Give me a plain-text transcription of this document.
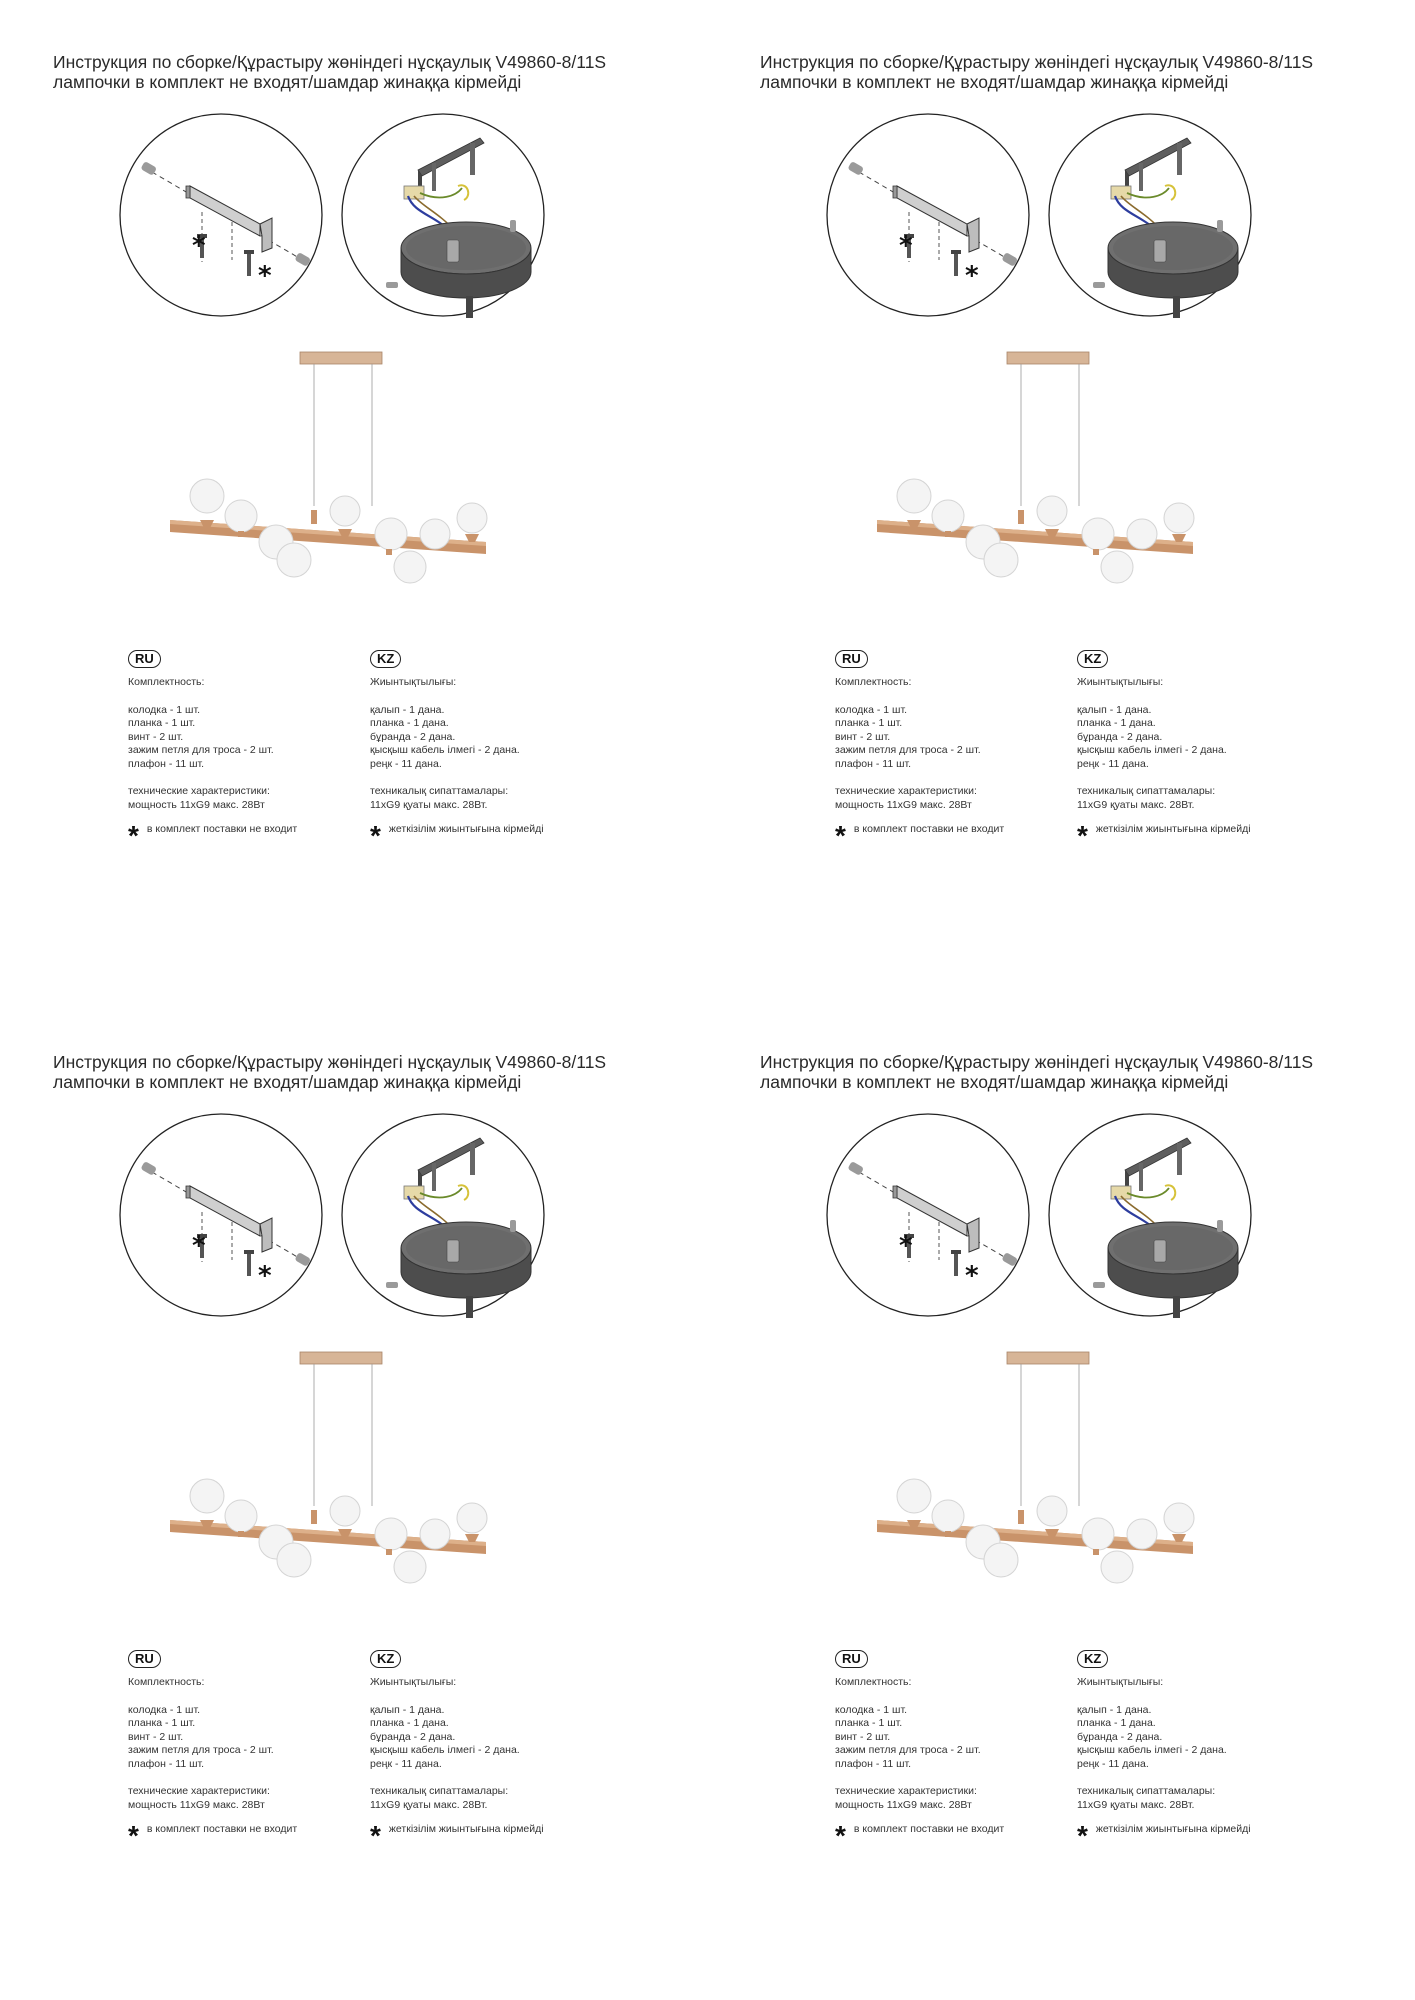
Инструкция по сборке/Құрастыру жөніндегі нұсқаулық V49860-8/11S
лампочки в комплект не входят/шамдар жинаққа кірмейді
*
*
RU
Комплектность:
колодка - 1 шт.
планка - 1 шт.
винт - 2 шт.
зажим петля для троса - 2 шт.
плафон - 11 шт.
технические характеристики:
мощность 11xG9 макс. 28Вт
* в комплект поставки не входит
KZ
Жиынтықтылығы:
қалып - 1 дана.
планка - 1 дана.
бұранда - 2 дана.
қысқыш кабель ілмегі - 2 дана.
реңк - 11 дана.
техникалық сипаттамалары:
11xG9 қуаты макс. 28Вт.
* жеткізілім жиынтығына кірмейді
Инструкция по сборке/Құрастыру жөніндегі нұсқаулық V49860-8/11S
лампочки в комплект не входят/шамдар жинаққа кірмейді
*
*
RU
Комплектность:
колодка - 1 шт.
планка - 1 шт.
винт - 2 шт.
зажим петля для троса - 2 шт.
плафон - 11 шт.
технические характеристики:
мощность 11xG9 макс. 28Вт
* в комплект поставки не входит
KZ
Жиынтықтылығы:
қалып - 1 дана.
планка - 1 дана.
бұранда - 2 дана.
қысқыш кабель ілмегі - 2 дана.
реңк - 11 дана.
техникалық сипаттамалары:
11xG9 қуаты макс. 28Вт.
* жеткізілім жиынтығына кірмейді
Инструкция по сборке/Құрастыру жөніндегі нұсқаулық V49860-8/11S
лампочки в комплект не входят/шамдар жинаққа кірмейді
*
*
RU
Комплектность:
колодка - 1 шт.
планка - 1 шт.
винт - 2 шт.
зажим петля для троса - 2 шт.
плафон - 11 шт.
технические характеристики:
мощность 11xG9 макс. 28Вт
* в комплект поставки не входит
KZ
Жиынтықтылығы:
қалып - 1 дана.
планка - 1 дана.
бұранда - 2 дана.
қысқыш кабель ілмегі - 2 дана.
реңк - 11 дана.
техникалық сипаттамалары:
11xG9 қуаты макс. 28Вт.
* жеткізілім жиынтығына кірмейді
Инструкция по сборке/Құрастыру жөніндегі нұсқаулық V49860-8/11S
лампочки в комплект не входят/шамдар жинаққа кірмейді
*
*
RU
Комплектность:
колодка - 1 шт.
планка - 1 шт.
винт - 2 шт.
зажим петля для троса - 2 шт.
плафон - 11 шт.
технические характеристики:
мощность 11xG9 макс. 28Вт
* в комплект поставки не входит
KZ
Жиынтықтылығы:
қалып - 1 дана.
планка - 1 дана.
бұранда - 2 дана.
қысқыш кабель ілмегі - 2 дана.
реңк - 11 дана.
техникалық сипаттамалары:
11xG9 қуаты макс. 28Вт.
* жеткізілім жиынтығына кірмейді
